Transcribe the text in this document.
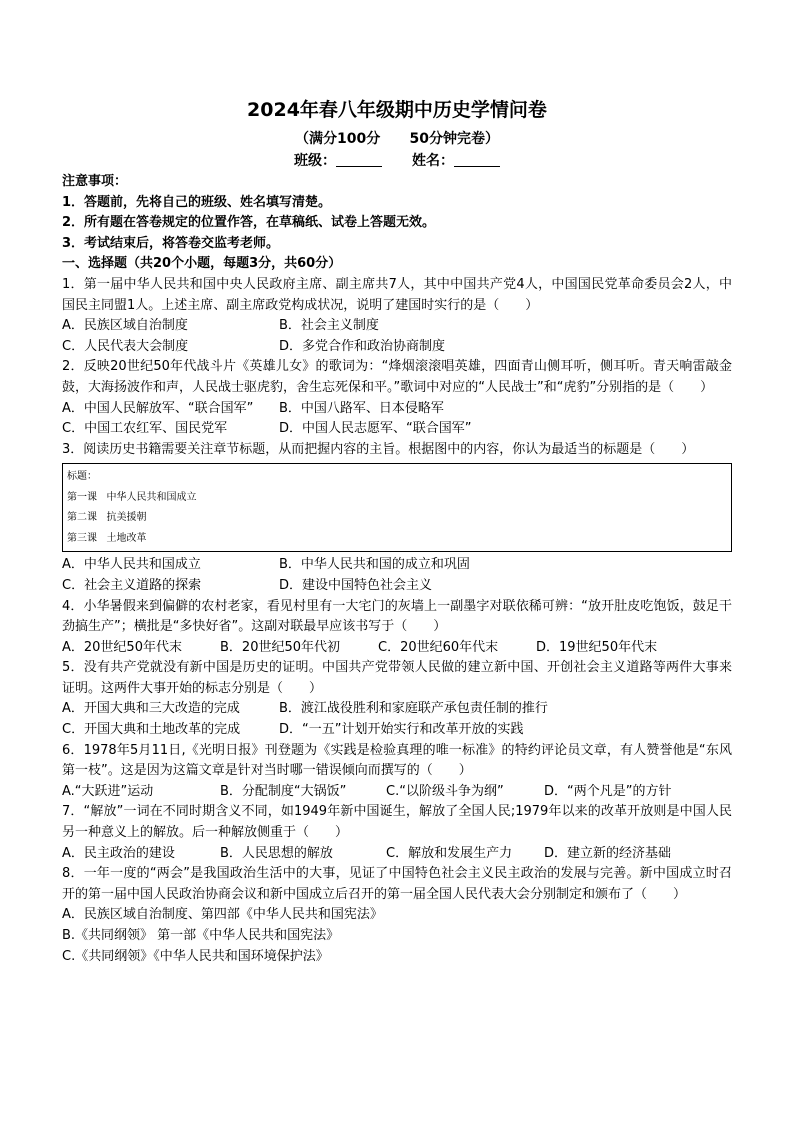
2024年春八年级期中历史学情问卷
（满分100分      50分钟完卷）
班级：	姓名：
注意事项：
1．答题前，先将自己的班级、姓名填写清楚。
2．所有题在答卷规定的位置作答，在草稿纸、试卷上答题无效。
3．考试结束后，将答卷交监考老师。
一、选择题（共20个小题，每题3分，共60分）
1．第一届中华人民共和国中央人民政府主席、副主席共7人，其中中国共产党4人，中国国民党革命委员会2人，中国民主同盟1人。上述主席、副主席政党构成状况，说明了建国时实行的是（　　）
A．民族区域自治制度	B．社会主义制度
C．人民代表大会制度	D．多党合作和政治协商制度
2．反映20世纪50年代战斗片《英雄儿女》的歌词为：“烽烟滚滚唱英雄，四面青山侧耳听，侧耳听。青天响雷敲金鼓，大海扬波作和声，人民战士驱虎豹，舍生忘死保和平。”歌词中对应的“人民战士”和“虎豹”分别指的是（　　）
A．中国人民解放军、“联合国军”	B．中国八路军、日本侵略军
C．中国工农红军、国民党军	D．中国人民志愿军、“联合国军”
3．阅读历史书籍需要关注章节标题，从而把握内容的主旨。根据图中的内容，你认为最适当的标题是（　　）
标题：
第一课   中华人民共和国成立
第二课   抗美援朝
第三课   土地改革
A．中华人民共和国成立	B．中华人民共和国的成立和巩固
C．社会主义道路的探索	D．建设中国特色社会主义
4．小华暑假来到偏僻的农村老家，看见村里有一大宅门的灰墙上一副墨字对联依稀可辨：“放开肚皮吃饱饭，鼓足干劲搞生产”；横批是“多快好省”。这副对联最早应该书写于（　　）
A．20世纪50年代末	B．20世纪50年代初	C．20世纪60年代末	D．19世纪50年代末
5．没有共产党就没有新中国是历史的证明。中国共产党带领人民做的建立新中国、开创社会主义道路等两件大事来证明。这两件大事开始的标志分别是（　　）
A．开国大典和三大改造的完成	B．渡江战役胜利和家庭联产承包责任制的推行
C．开国大典和土地改革的完成	D．“一五”计划开始实行和改革开放的实践
6．1978年5月11日,《光明日报》刊登题为《实践是检验真理的唯一标准》的特约评论员文章，有人赞誉他是“东风第一枝”。这是因为这篇文章是针对当时哪一错误倾向而撰写的（　　）
A.“大跃进”运动	B．分配制度“大锅饭”	C.“以阶级斗争为纲”	D．“两个凡是”的方针
7．“解放”一词在不同时期含义不同，如1949年新中国诞生，解放了全国人民;1979年以来的改革开放则是中国人民另一种意义上的解放。后一种解放侧重于（　　）
A．民主政治的建设	B．人民思想的解放	C．解放和发展生产力	D．建立新的经济基础
8．一年一度的“两会”是我国政治生活中的大事，见证了中国特色社会主义民主政治的发展与完善。新中国成立时召开的第一届中国人民政治协商会议和新中国成立后召开的第一届全国人民代表大会分别制定和颁布了（　　）
A．民族区域自治制度、第四部《中华人民共和国宪法》
B.《共同纲领》 第一部《中华人民共和国宪法》
C.《共同纲领》《中华人民共和国环境保护法》
